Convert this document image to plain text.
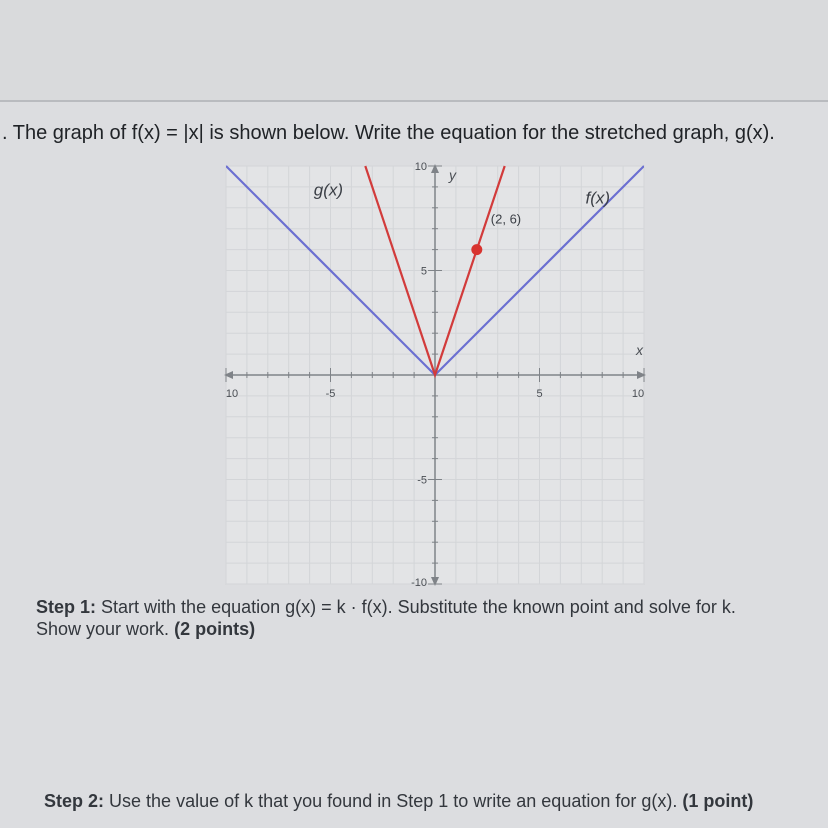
. The graph of f(x) = |x| is shown below. Write the equation for the stretched graph, g(x).
10	-5	5	10
10
5
-5
-10
x
y
f(x)
g(x)
(2, 6)
Step 1: Start with the equation g(x) = k · f(x). Substitute the known point and solve for k.
Show your work. (2 points)
Step 2: Use the value of k that you found in Step 1 to write an equation for g(x). (1 point)
